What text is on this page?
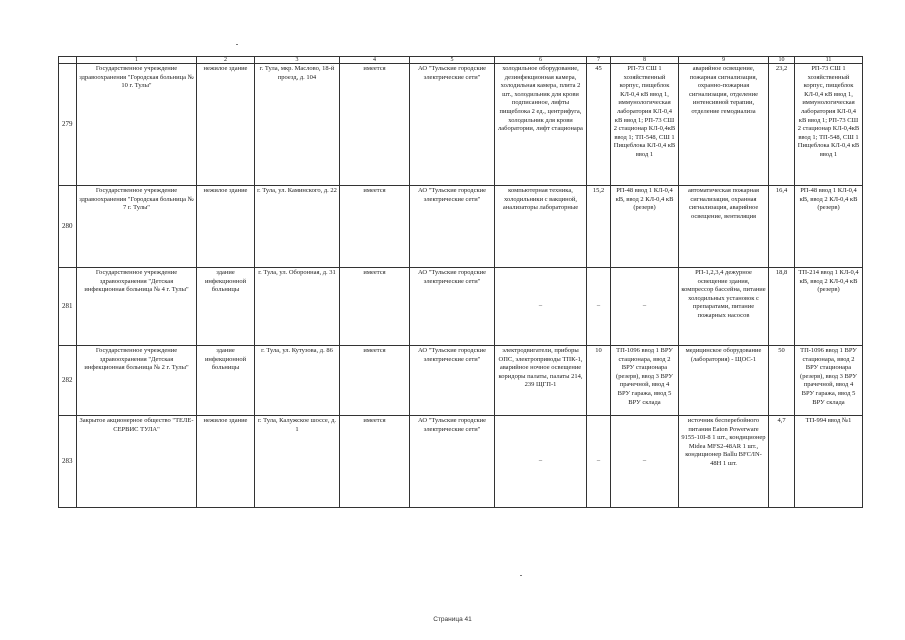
	1	2	3	4	5	6	7	8	9	10	11
279	Государственное учреждение здравоохранения "Городская больница № 10 г. Тулы"	нежилое здание	г. Тула, мкр. Маслово, 18-й проезд, д. 104	имеется	АО "Тульские городские электрические сети"	холодильное оборудование, дезинфекционная камера, холодильная камера, плита 2 шт., холодильник для крови подписанное, лифты пищеблока 2 ед., центрифуга, холодильник для крови лаборатории, лифт стационара	45	РП-73 СШ 1 хозяйственный корпус, пищеблок КЛ-0,4 кВ ввод 1, иммунологическая лаборатория КЛ-0,4 кВ ввод 1; РП-73 СШ 2 стационар КЛ-0,4кВ ввод 1; ТП-548, СШ 1 Пищеблока КЛ-0,4 кВ ввод 1	аварийное освещение, пожарная сигнализация, охранно-пожарная сигнализация, отделение интенсивной терапии, отделение гемодиализа	23,2	РП-73 СШ 1 хозяйственный корпус, пищеблок КЛ-0,4 кВ ввод 1, иммунологическая лаборатория КЛ-0,4 кВ ввод 1; РП-73 СШ 2 стационар КЛ-0,4кВ ввод 1; ТП-548, СШ 1 Пищеблока КЛ-0,4 кВ ввод 1
280	Государственное учреждение здравоохранения "Городская больница № 7 г. Тулы"	нежилое здание	г. Тула, ул. Каминского, д. 22	имеется	АО "Тульские городские электрические сети"	компьютерная техника, холодильники с вакциной, анализаторы лабораторные	15,2	РП-48 ввод 1 КЛ-0,4 кВ, ввод 2 КЛ-0,4 кВ (резерв)	автоматическая пожарная сигнализация, охранная сигнализация, аварийное освещение, вентиляция	16,4	РП-48 ввод 1 КЛ-0,4 кВ, ввод 2 КЛ-0,4 кВ (резерв)
281	Государственное учреждение здравоохранения "Детская инфекционная больница № 4 г. Тулы"	здание инфекционной больницы	г. Тула, ул. Оборонная, д. 31	имеется	АО "Тульские городские электрические сети"	–	–	–	РП-1,2,3,4 дежурное освещение здания, компрессор бассейна, питание холодильных установок с препаратами, питание пожарных насосов	18,8	ТП-214 ввод 1 КЛ-0,4 кВ, ввод 2 КЛ-0,4 кВ (резерв)
282	Государственное учреждение здравоохранения "Детская инфекционная больница № 2 г. Тулы"	здание инфекционной больницы	г. Тула, ул. Кутузова, д. 86	имеется	АО "Тульские городские электрические сети"	электродвигатели, приборы ОПС, электроприводы ТПК-1, аварийное ночное освещение коридоры палаты, палаты 214, 239 ЩГП-1	10	ТП-1096 ввод 1 ВРУ стационара, ввод 2 ВРУ стационара (резерв), ввод 3 ВРУ прачечной, ввод 4 ВРУ гаража, ввод 5 ВРУ склада	медицинское оборудование (лаборатория) - ЩОС-1	50	ТП-1096 ввод 1 ВРУ стационара, ввод 2 ВРУ стационара (резерв), ввод 3 ВРУ прачечной, ввод 4 ВРУ гаража, ввод 5 ВРУ склада
283	Закрытое акционерное общество "ТЕЛЕ-СЕРВИС ТУЛА"	нежилое здание	г. Тула, Калужское шоссе, д. 1	имеется	АО "Тульские городские электрические сети"	–	–	–	источник бесперебойного питания Eaton Powerware 9155-10I-8 1 шт., кондиционер Midea MFS2-48AR 1 шт., кондиционер Ballu BFC/IN-48H 1 шт.	4,7	ТП-994 ввод №1
Страница 41
